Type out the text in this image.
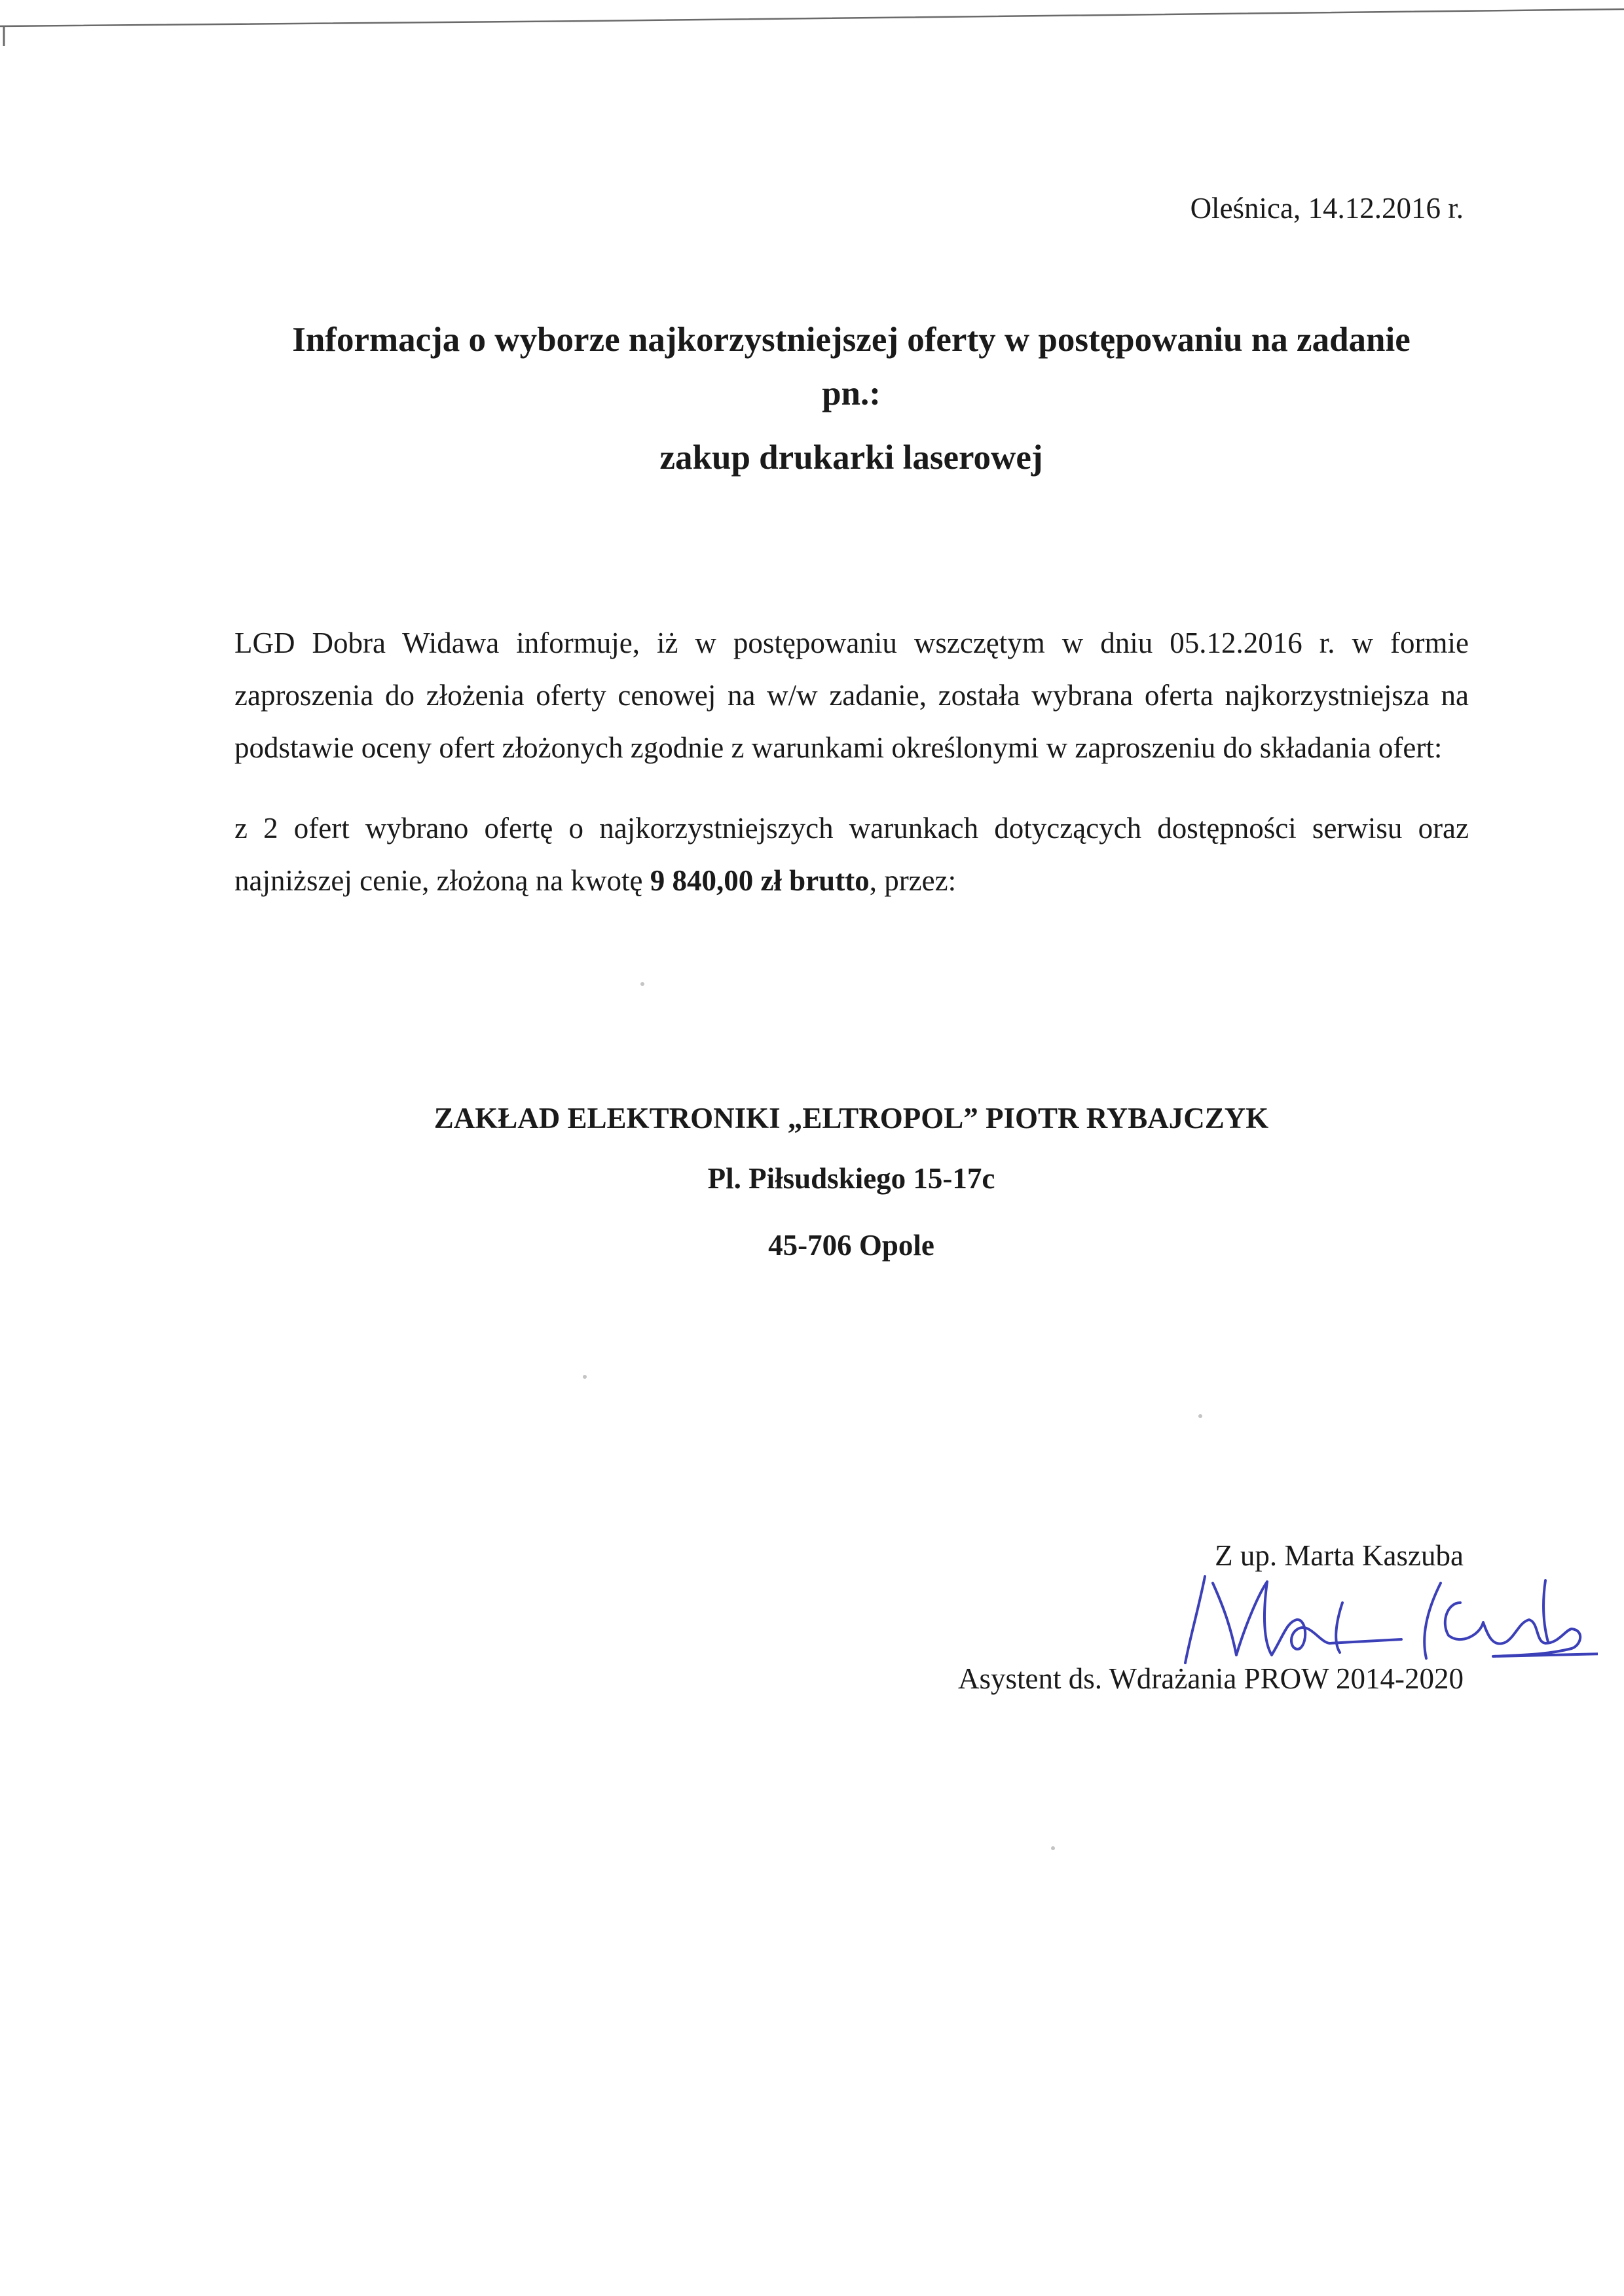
Oleśnica, 14.12.2016 r.
Informacja o wyborze najkorzystniejszej oferty w postępowaniu na zadanie
pn.:
zakup drukarki laserowej

LGD Dobra Widawa informuje, iż w postępowaniu wszczętym w dniu 05.12.2016 r. w formie zaproszenia do złożenia oferty cenowej na w/w zadanie, została wybrana oferta najkorzystniejsza na podstawie oceny ofert złożonych zgodnie z warunkami określonymi w zaproszeniu do składania ofert:

z 2 ofert wybrano ofertę o najkorzystniejszych warunkach dotyczących dostępności serwisu oraz najniższej cenie, złożoną na kwotę 9 840,00 zł brutto, przez:

ZAKŁAD ELEKTRONIKI „ELTROPOL” PIOTR RYBAJCZYK
Pl. Piłsudskiego 15-17c
45-706 Opole
Z up. Marta Kaszuba
Asystent ds. Wdrażania PROW 2014-2020
